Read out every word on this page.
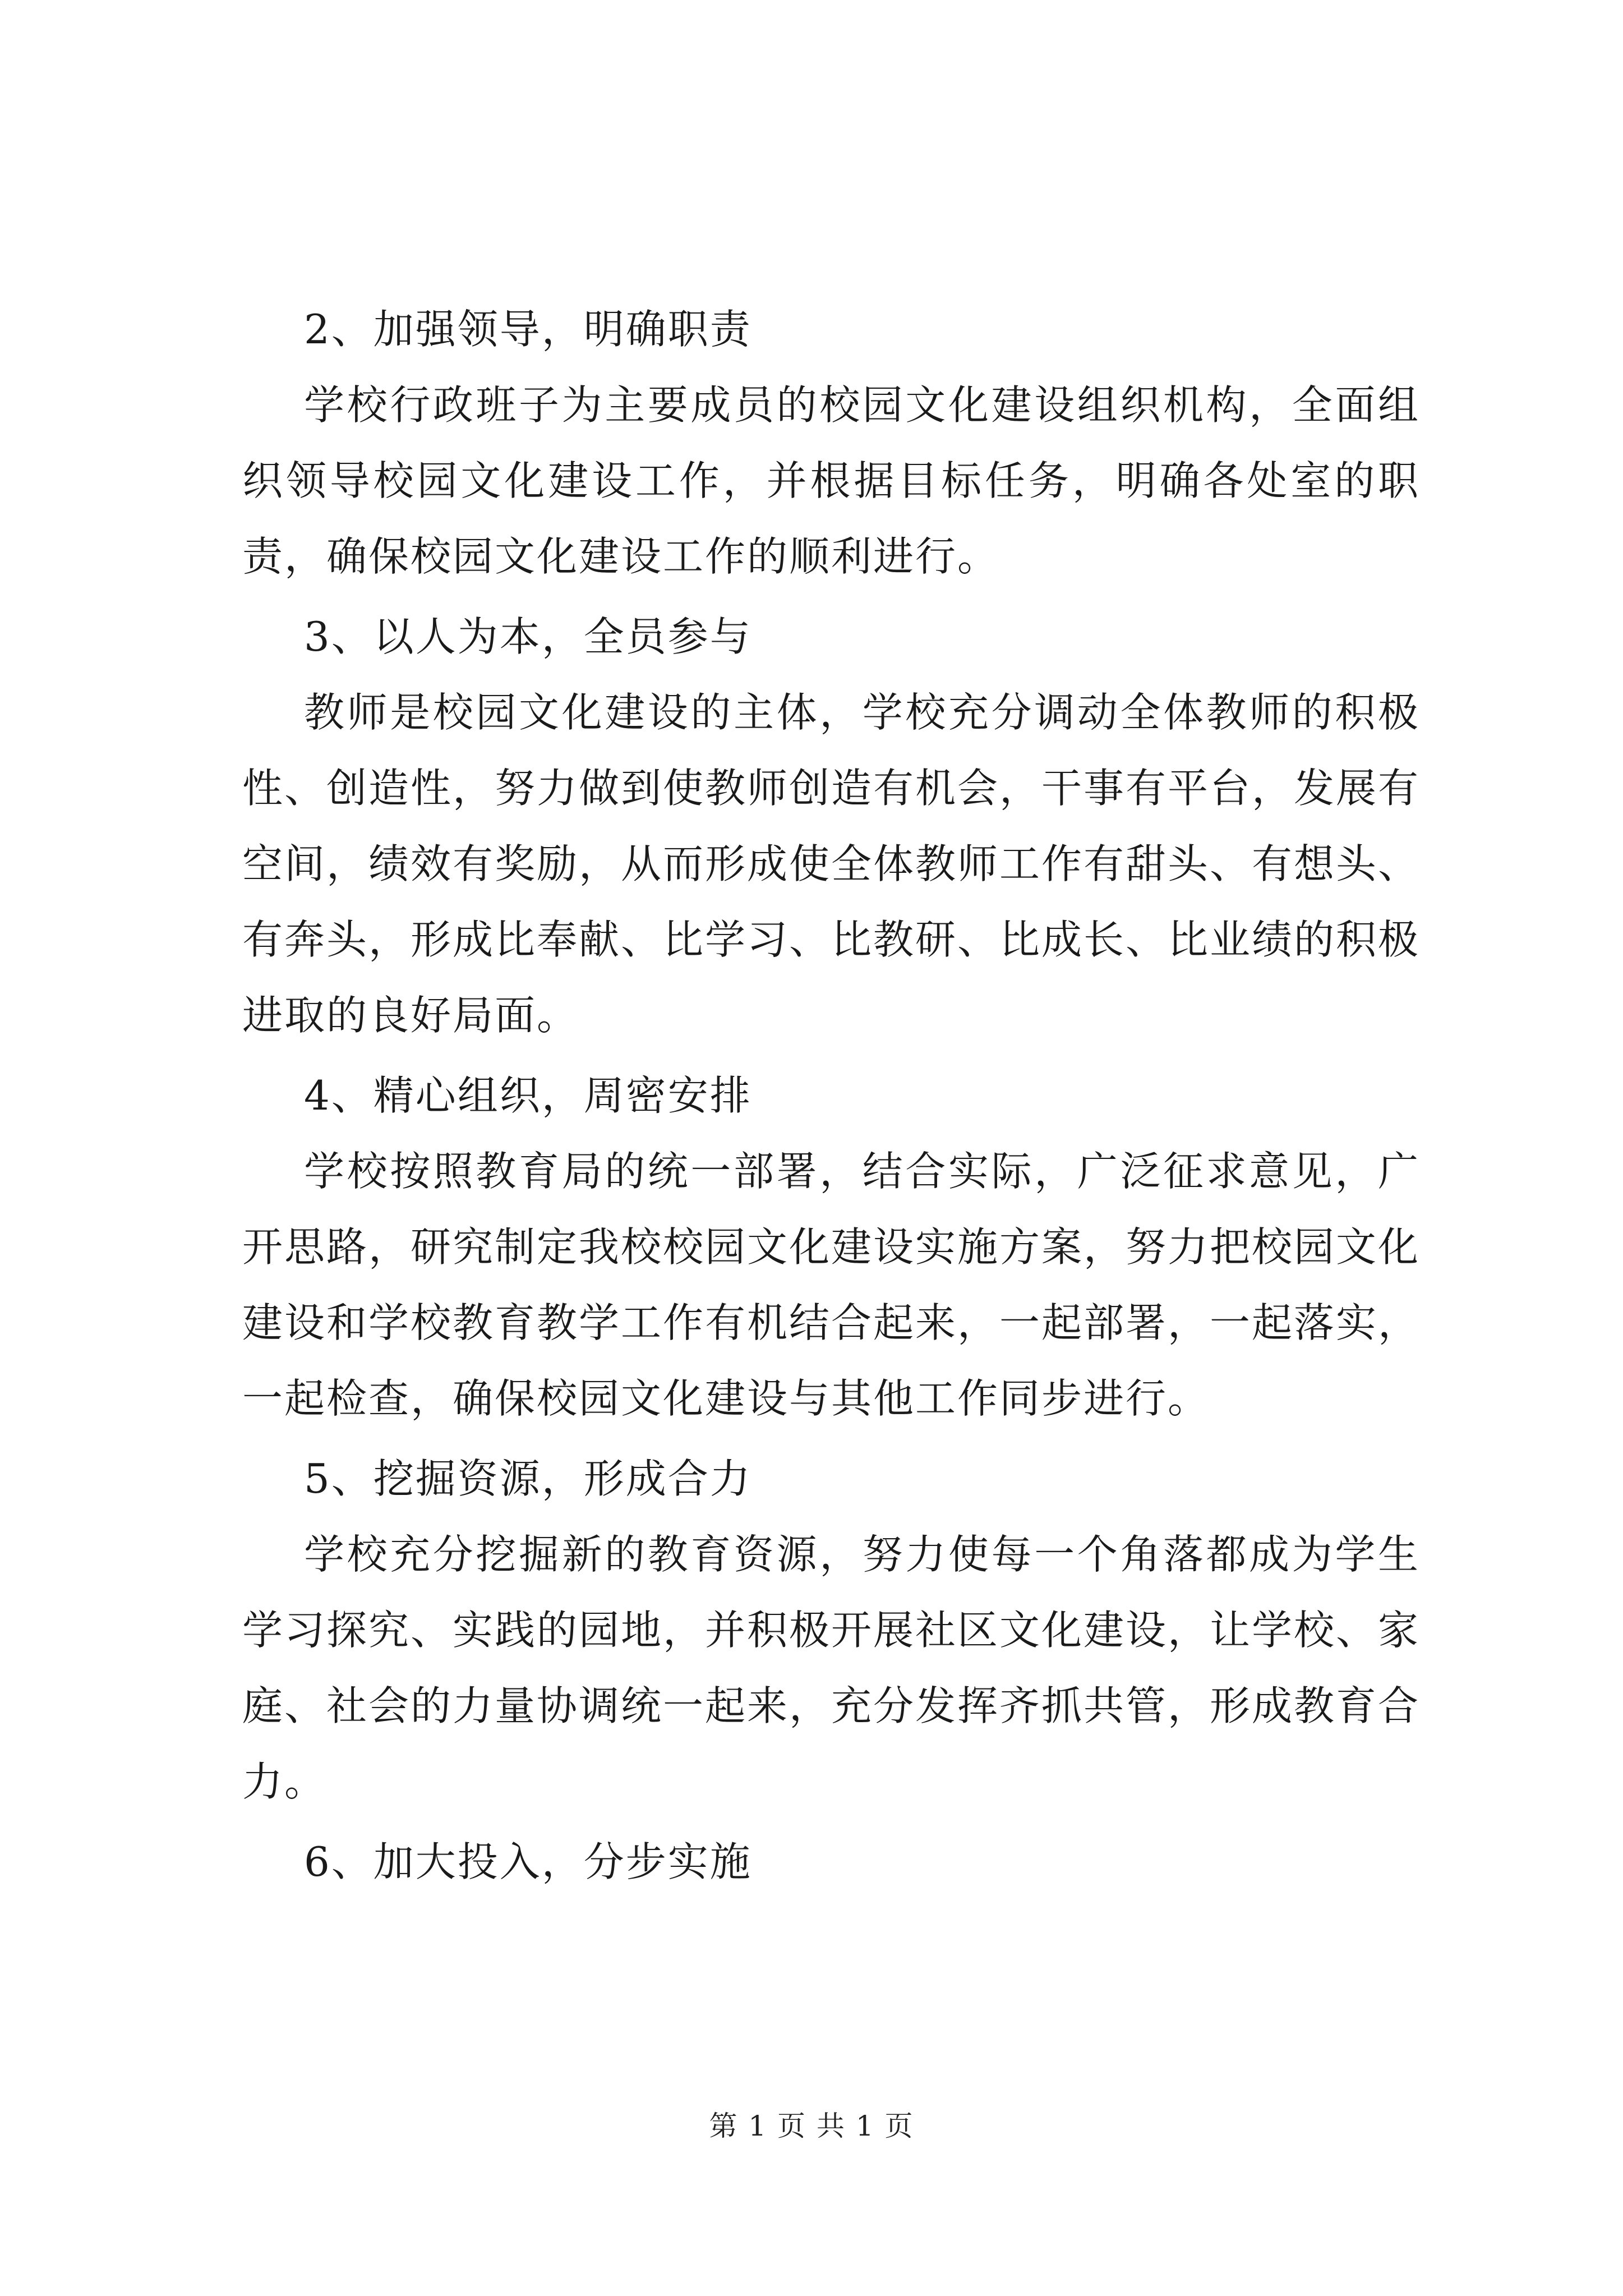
2、加强领导，明确职责

学校行政班子为主要成员的校园文化建设组织机构，全面组织领导校园文化建设工作，并根据目标任务，明确各处室的职责，确保校园文化建设工作的顺利进行。

3、以人为本，全员参与

教师是校园文化建设的主体，学校充分调动全体教师的积极性、创造性，努力做到使教师创造有机会，干事有平台，发展有空间，绩效有奖励，从而形成使全体教师工作有甜头、有想头、有奔头，形成比奉献、比学习、比教研、比成长、比业绩的积极进取的良好局面。

4、精心组织，周密安排

学校按照教育局的统一部署，结合实际，广泛征求意见，广开思路，研究制定我校校园文化建设实施方案，努力把校园文化建设和学校教育教学工作有机结合起来，一起部署，一起落实，一起检查，确保校园文化建设与其他工作同步进行。

5、挖掘资源，形成合力

学校充分挖掘新的教育资源，努力使每一个角落都成为学生学习探究、实践的园地，并积极开展社区文化建设，让学校、家庭、社会的力量协调统一起来，充分发挥齐抓共管，形成教育合力。

6、加大投入，分步实施

第 1 页 共 1 页
